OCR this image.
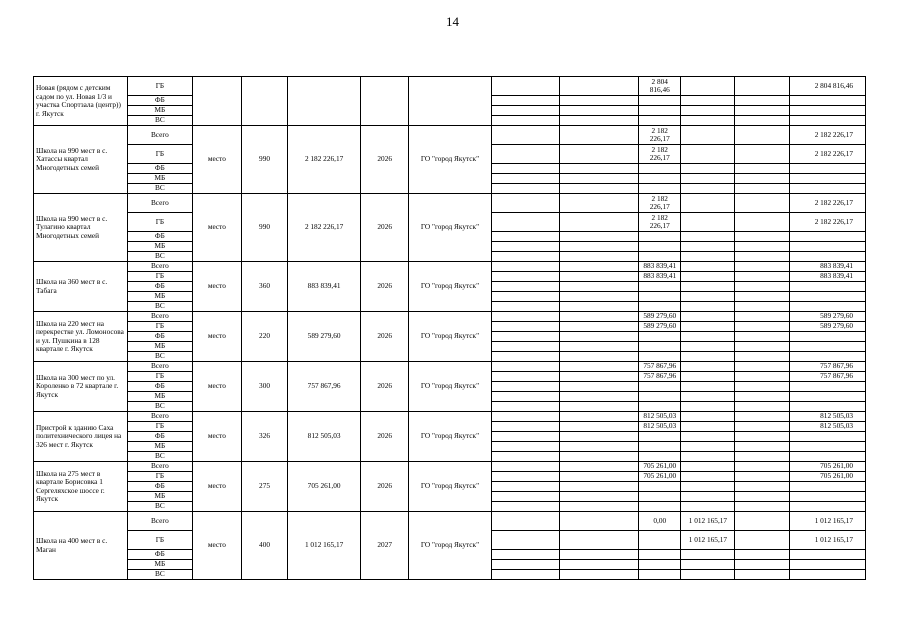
14
Новая (рядом с детским садом по ул. Новая 1/3 и участка Спортзала (центр)) г. Якутск	ГБ								2 804 816,46			2 804 816,46
	ФБ											
	МБ											
	ВС											
Школа на 990 мест в с. Хатассы квартал Многодетных семей	Всего	место	990	2 182 226,17	2026	ГО "город Якутск"			2 182 226,17			2 182 226,17
	ГБ								2 182 226,17			2 182 226,17
	ФБ											
	МБ											
	ВС											
Школа на 990 мест в с. Тулагино квартал Многодетных семей	Всего	место	990	2 182 226,17	2026	ГО "город Якутск"			2 182 226,17			2 182 226,17
	ГБ								2 182 226,17			2 182 226,17
	ФБ											
	МБ											
	ВС											
Школа на 360 мест в с. Табага	Всего	место	360	883 839,41	2026	ГО "город Якутск"			883 839,41			883 839,41
	ГБ								883 839,41			883 839,41
	ФБ											
	МБ											
	ВС											
Школа на 220 мест на перекрестке ул. Ломоносова и ул. Пушкина в 128 квартале г. Якутск	Всего	место	220	589 279,60	2026	ГО "город Якутск"			589 279,60			589 279,60
	ГБ								589 279,60			589 279,60
	ФБ											
	МБ											
	ВС											
Школа на 300 мест по ул. Короленко в 72 квартале г. Якутск	Всего	место	300	757 867,96	2026	ГО "город Якутск"			757 867,96			757 867,96
	ГБ								757 867,96			757 867,96
	ФБ											
	МБ											
	ВС											
Пристрой к зданию Саха политехнического лицея на 326 мест г. Якутск	Всего	место	326	812 505,03	2026	ГО "город Якутск"			812 505,03			812 505,03
	ГБ								812 505,03			812 505,03
	ФБ											
	МБ											
	ВС											
Школа на 275 мест в квартале Борисовка 1 Сергеляхское шоссе г. Якутск	Всего	место	275	705 261,00	2026	ГО "город Якутск"			705 261,00			705 261,00
	ГБ								705 261,00			705 261,00
	ФБ											
	МБ											
	ВС											
Школа на 400 мест в с. Маган	Всего	место	400	1 012 165,17	2027	ГО "город Якутск"			0,00	1 012 165,17		1 012 165,17
	ГБ									1 012 165,17		1 012 165,17
	ФБ											
	МБ											
	ВС											
